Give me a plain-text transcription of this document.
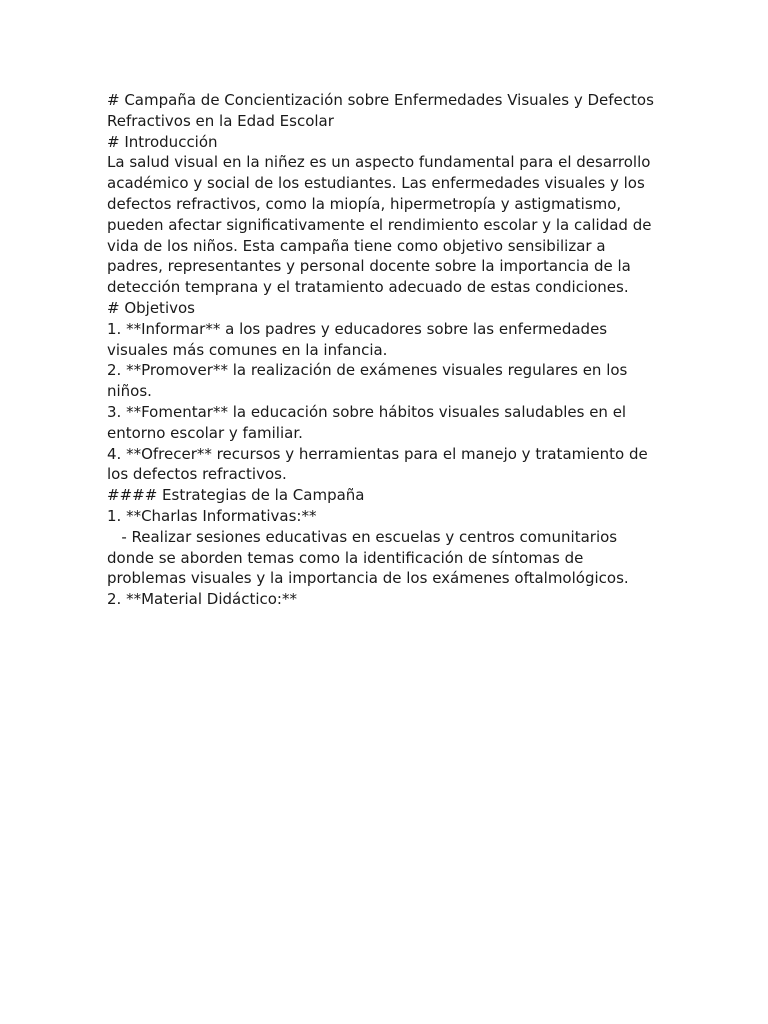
# Campaña de Concientización sobre Enfermedades Visuales y Defectos Refractivos en la Edad Escolar

# Introducción

La salud visual en la niñez es un aspecto fundamental para el desarrollo académico y social de los estudiantes. Las enfermedades visuales y los defectos refractivos, como la miopía, hipermetropía y astigmatismo, pueden afectar significativamente el rendimiento escolar y la calidad de vida de los niños. Esta campaña tiene como objetivo sensibilizar a padres, representantes y personal docente sobre la importancia de la detección temprana y el tratamiento adecuado de estas condiciones.

# Objetivos

1. **Informar** a los padres y educadores sobre las enfermedades visuales más comunes en la infancia.

2. **Promover** la realización de exámenes visuales regulares en los niños.

3. **Fomentar** la educación sobre hábitos visuales saludables en el entorno escolar y familiar.

4. **Ofrecer** recursos y herramientas para el manejo y tratamiento de los defectos refractivos.

#### Estrategias de la Campaña

1. **Charlas Informativas:**

- Realizar sesiones educativas en escuelas y centros comunitarios donde se aborden temas como la identificación de síntomas de problemas visuales y la importancia de los exámenes oftalmológicos.

2. **Material Didáctico:**
